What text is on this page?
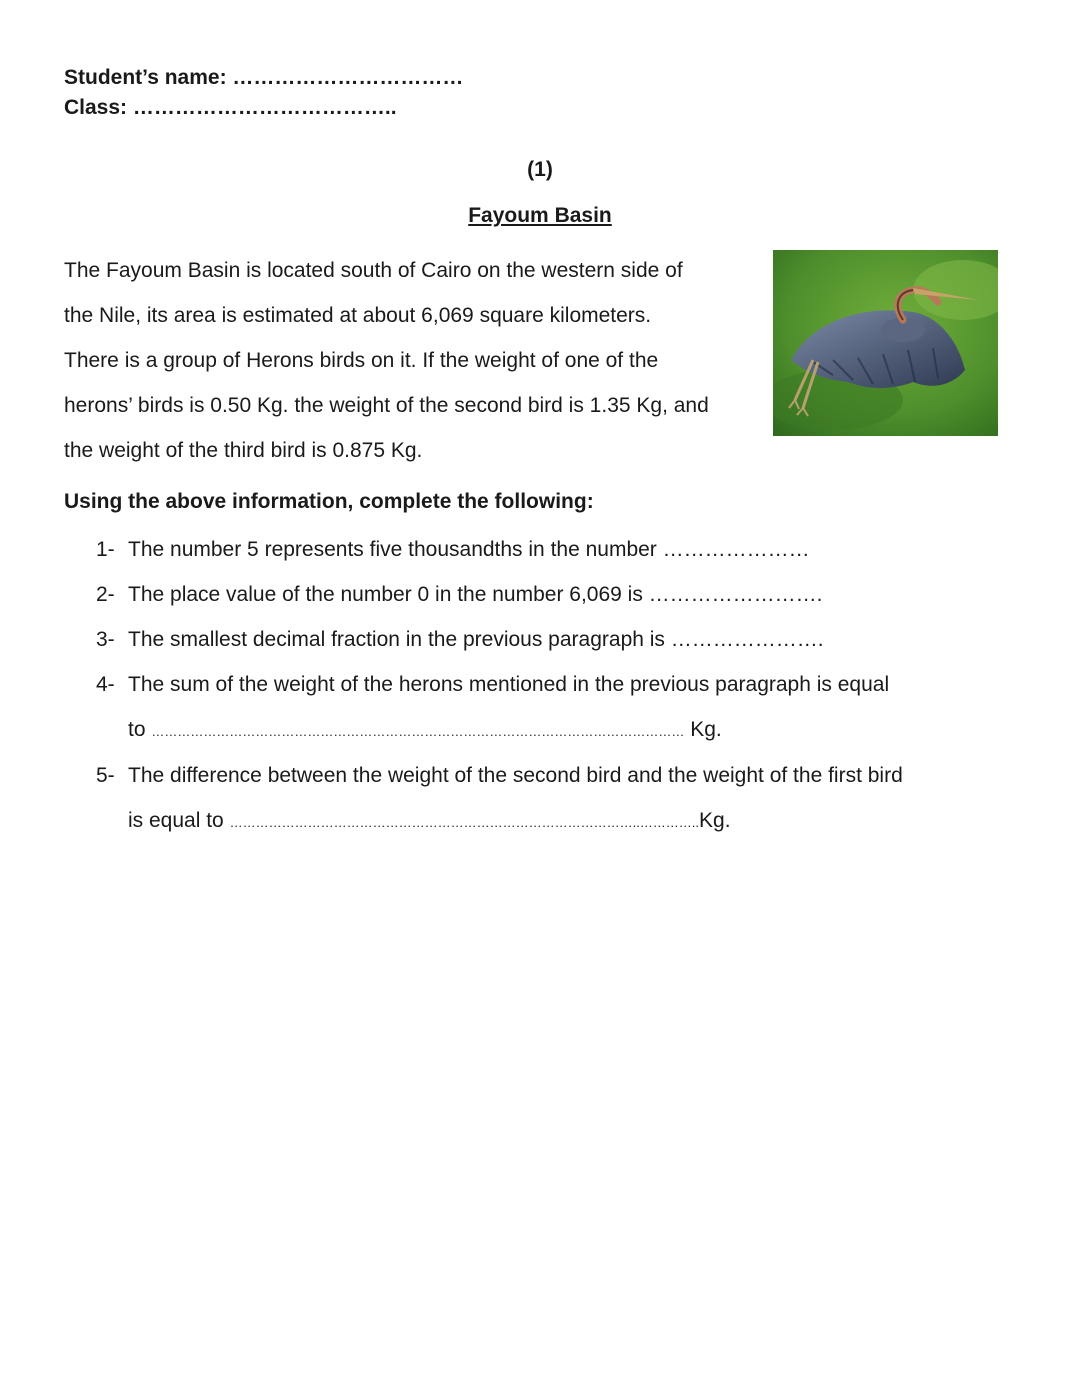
Student’s name: ……………………………
Class: ………………………………..
(1)
Fayoum Basin
The Fayoum Basin is located south of Cairo on the western side of
the Nile, its area is estimated at about 6,069 square kilometers.
There is a group of Herons birds on it. If the weight of one of the
herons’ birds is 0.50 Kg. the weight of the second bird is 1.35 Kg, and
the weight of the third bird is 0.875 Kg.
Using the above information, complete the following:
1- The number 5 represents five thousandths in the number …………………
2- The place value of the number 0 in the number 6,069 is …………………….
3- The smallest decimal fraction in the previous paragraph is ………………….
4- The sum of the weight of the herons mentioned in the previous paragraph is equal
to …………………………………………………………………………………………………………… Kg.
5- The difference between the weight of the second bird and the weight of the first bird
is equal to …………………………………………………………………………………..…………..Kg.
